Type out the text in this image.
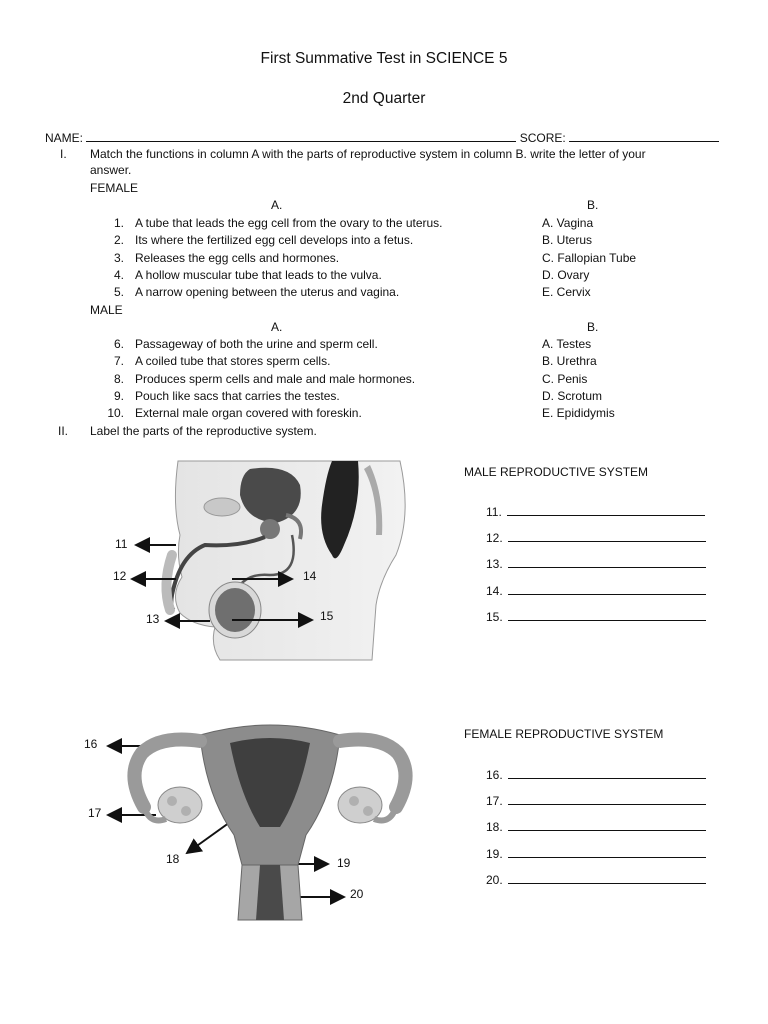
First Summative Test in SCIENCE 5
2nd Quarter
NAME:	SCORE:
I. Match the functions in column A with the parts of reproductive system in column B. write the letter of your
answer.
FEMALE
A.	B.
1. A tube that leads the egg cell from the ovary to the uterus.	A. Vagina
2. Its where the fertilized egg cell develops into a fetus.	B. Uterus
3. Releases the egg cells and hormones.	C. Fallopian Tube
4. A hollow muscular tube that leads to the vulva.	D. Ovary
5. A narrow opening between the uterus and vagina.	E. Cervix
MALE
A.	B.
6. Passageway of both the urine and sperm cell.	A. Testes
7. A coiled tube that stores sperm cells.	B. Urethra
8. Produces sperm cells and male and male hormones.	C. Penis
9. Pouch like sacs that carries the testes.	D. Scrotum
10. External male organ covered with foreskin.	E. Epididymis
II. Label the parts of the reproductive system.
11
12
13
14
15
MALE REPRODUCTIVE SYSTEM
11.
12.
13.
14.
15.
16
17
18	19
20
FEMALE REPRODUCTIVE SYSTEM
16.
17.
18.
19.
20.
